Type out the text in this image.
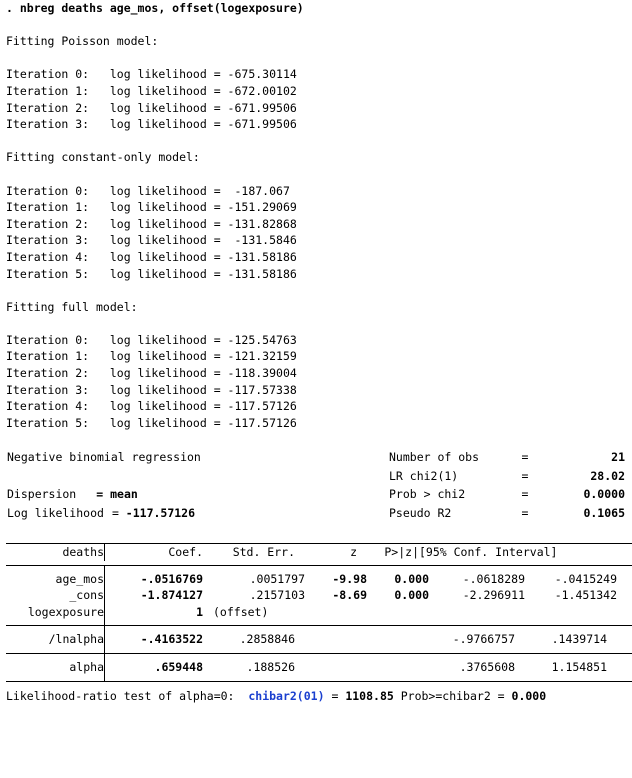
. nbreg deaths age_mos, offset(logexposure)
Fitting Poisson model:
Iteration 0:   log likelihood = -675.30114
Iteration 1:   log likelihood = -672.00102
Iteration 2:   log likelihood = -671.99506
Iteration 3:   log likelihood = -671.99506
Fitting constant-only model:
Iteration 0:   log likelihood =  -187.067
Iteration 1:   log likelihood = -151.29069
Iteration 2:   log likelihood = -131.82868
Iteration 3:   log likelihood =  -131.5846
Iteration 4:   log likelihood = -131.58186
Iteration 5:   log likelihood = -131.58186
Fitting full model:
Iteration 0:   log likelihood = -125.54763
Iteration 1:   log likelihood = -121.32159
Iteration 2:   log likelihood = -118.39004
Iteration 3:   log likelihood = -117.57338
Iteration 4:   log likelihood = -117.57126
Iteration 5:   log likelihood = -117.57126
Negative binomial regression	Number of obs	=	21
	LR chi2(1)	=	28.02
Dispersion = mean	Prob > chi2	=	0.0000
Log likelihood = -117.57126	Pseudo R2	=	0.1065
deaths		Coef.	Std. Err.	z	P>|z|	[95% Conf. Interval]

age_mos		-.0516769	.0051797	-9.98	0.000	-.0618289	-.0415249
_cons		-1.874127	.2157103	-8.69	0.000	-2.296911	-1.451342
logexposure		1	(offset)				

/lnalpha		-.4163522	.2858846			-.9766757	.1439714

alpha		.659448	.188526			.3765608	1.154851

Likelihood-ratio test of alpha=0: chibar2(01) = 1108.85 Prob>=chibar2 = 0.000
